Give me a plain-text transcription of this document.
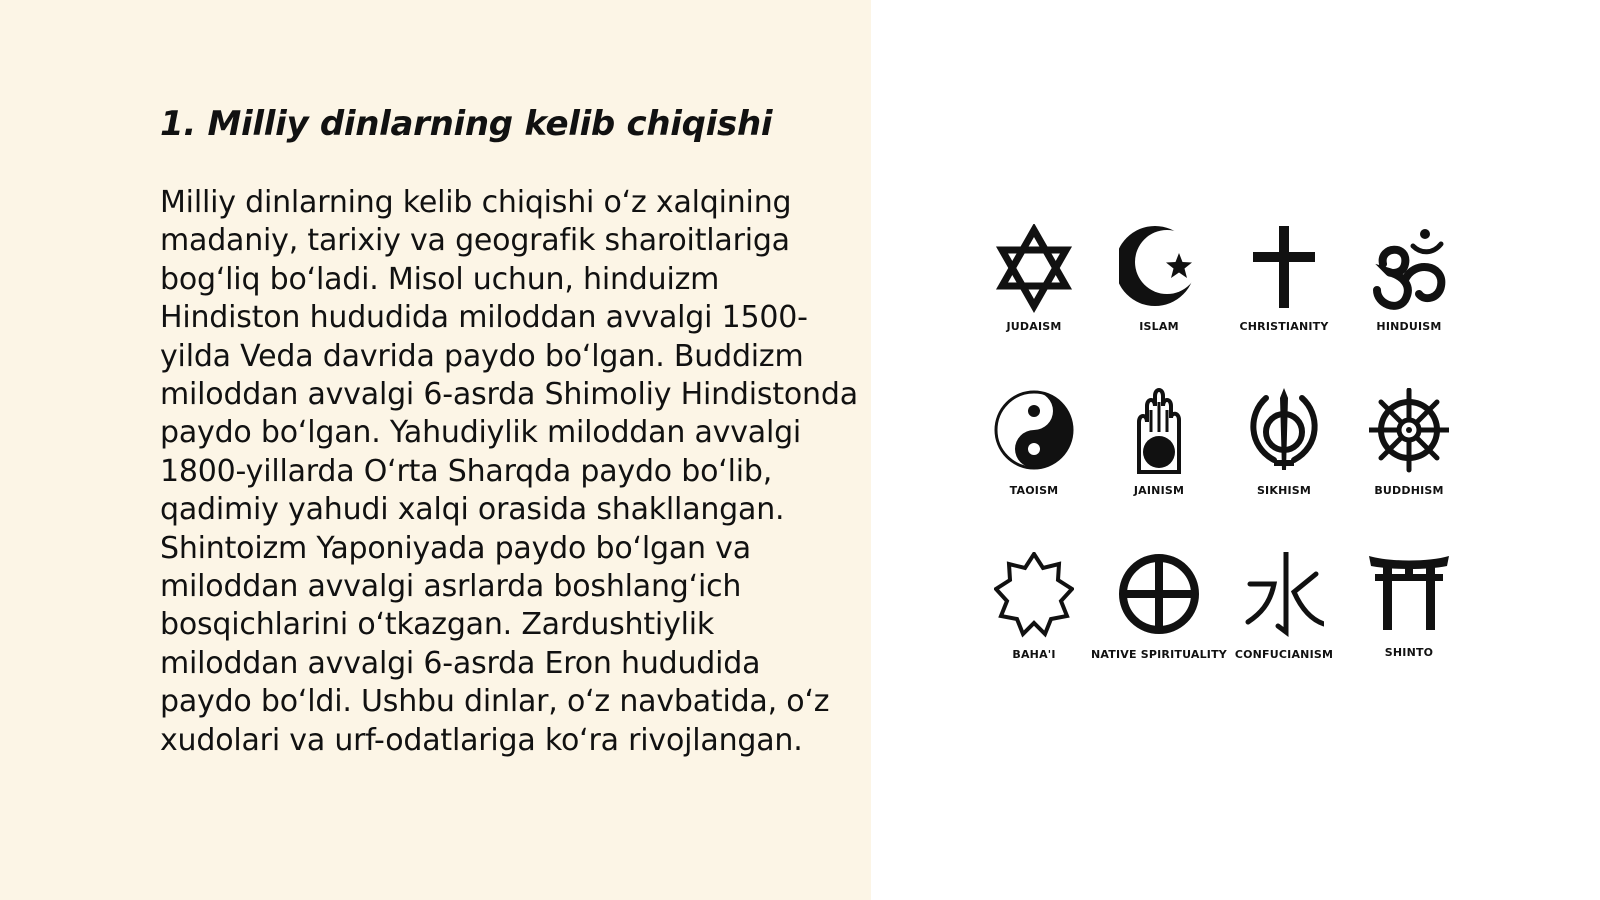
1. Milliy dinlarning kelib chiqishi

Milliy dinlarning kelib chiqishi o‘z xalqining madaniy, tarixiy va geografik sharoitlariga bog‘liq bo‘ladi. Misol uchun, hinduizm Hindiston hududida miloddan avvalgi 1500-yilda Veda davrida paydo bo‘lgan. Buddizm miloddan avvalgi 6-asrda Shimoliy Hindistonda paydo bo‘lgan. Yahudiylik miloddan avvalgi 1800-yillarda O‘rta Sharqda paydo bo‘lib, qadimiy yahudi xalqi orasida shakllangan. Shintoizm Yaponiyada paydo bo‘lgan va miloddan avvalgi asrlarda boshlang‘ich bosqichlarini o‘tkazgan. Zardushtiylik miloddan avvalgi 6-asrda Eron hududida paydo bo‘ldi. Ushbu dinlar, o‘z navbatida, o‘z xudolari va urf-odatlariga ko‘ra rivojlangan.

JUDAISM	ISLAM	CHRISTIANITY	HINDUISM
TAOISM	JAINISM	SIKHISM	BUDDHISM
BAHA'I	NATIVE SPIRITUALITY CONFUCIANISM	SHINTO
